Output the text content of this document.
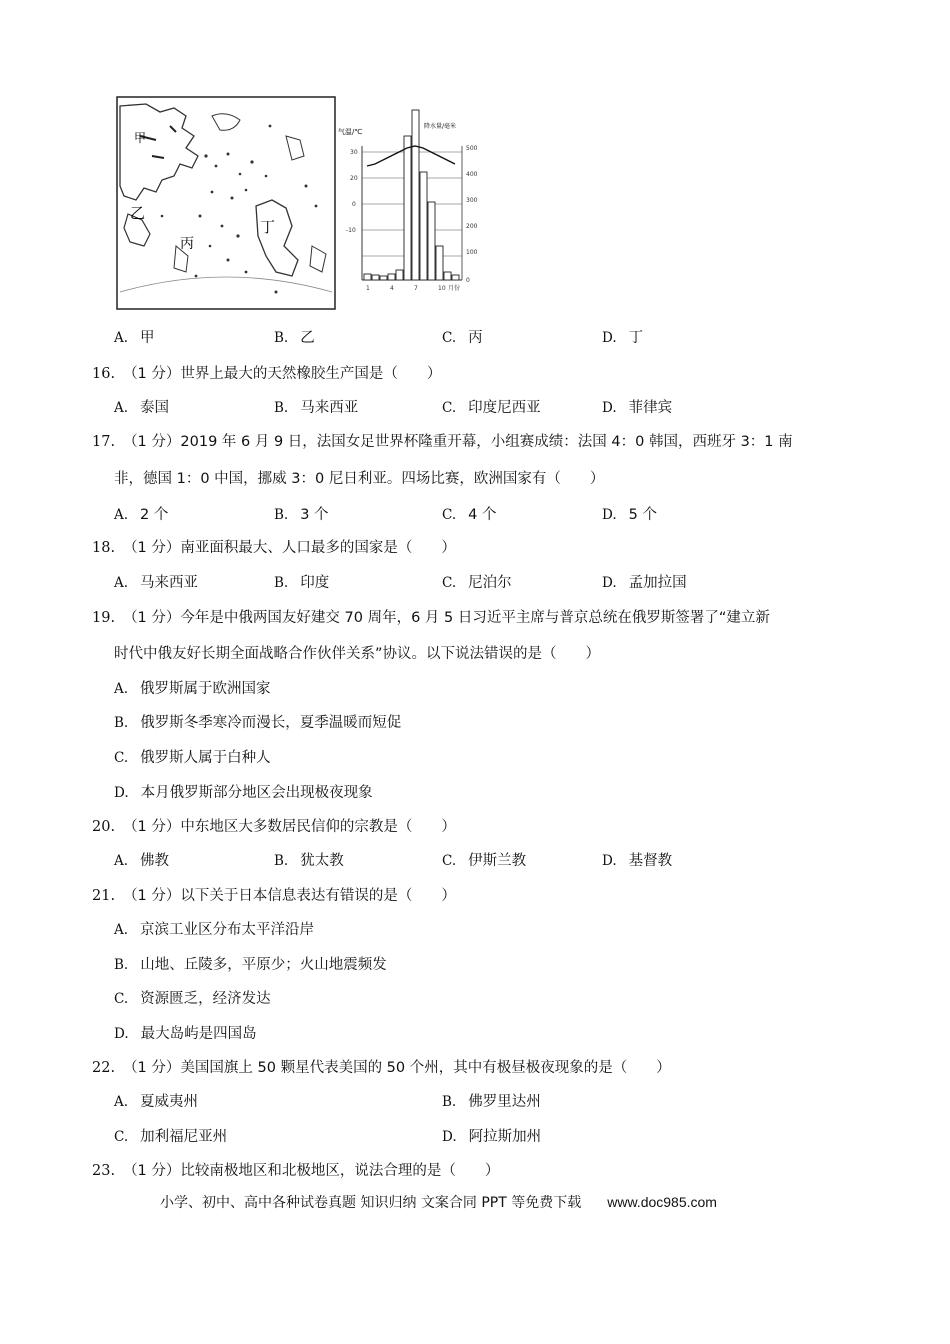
甲
乙
丙
丁
气温/℃
降水量/毫米
30
20
0
-10
500
400
300
200
100
0
1	4	7	10 月份
A. 甲	B. 乙	C. 丙	D. 丁
16. （1 分）世界上最大的天然橡胶生产国是（　　）
A. 泰国	B. 马来西亚	C. 印度尼西亚	D. 菲律宾
17. （1 分）2019 年 6 月 9 日，法国女足世界杯隆重开幕，小组赛成绩：法国 4：0 韩国，西班牙 3：1 南
非，德国 1：0 中国，挪威 3：0 尼日利亚。四场比赛，欧洲国家有（　　）
A. 2 个	B. 3 个	C. 4 个	D. 5 个
18. （1 分）南亚面积最大、人口最多的国家是（　　）
A. 马来西亚	B. 印度	C. 尼泊尔	D. 孟加拉国
19. （1 分）今年是中俄两国友好建交 70 周年，6 月 5 日习近平主席与普京总统在俄罗斯签署了“建立新
时代中俄友好长期全面战略合作伙伴关系”协议。以下说法错误的是（　　）
A. 俄罗斯属于欧洲国家
B. 俄罗斯冬季寒冷而漫长，夏季温暖而短促
C. 俄罗斯人属于白种人
D. 本月俄罗斯部分地区会出现极夜现象
20. （1 分）中东地区大多数居民信仰的宗教是（　　）
A. 佛教	B. 犹太教	C. 伊斯兰教	D. 基督教
21. （1 分）以下关于日本信息表达有错误的是（　　）
A. 京滨工业区分布太平洋沿岸
B. 山地、丘陵多，平原少；火山地震频发
C. 资源匮乏，经济发达
D. 最大岛屿是四国岛
22. （1 分）美国国旗上 50 颗星代表美国的 50 个州，其中有极昼极夜现象的是（　　）
A. 夏威夷州	B. 佛罗里达州
C. 加利福尼亚州	D. 阿拉斯加州
23. （1 分）比较南极地区和北极地区，说法合理的是（　　）
小学、初中、高中各种试卷真题 知识归纳 文案合同 PPT 等免费下载 www.doc985.com
